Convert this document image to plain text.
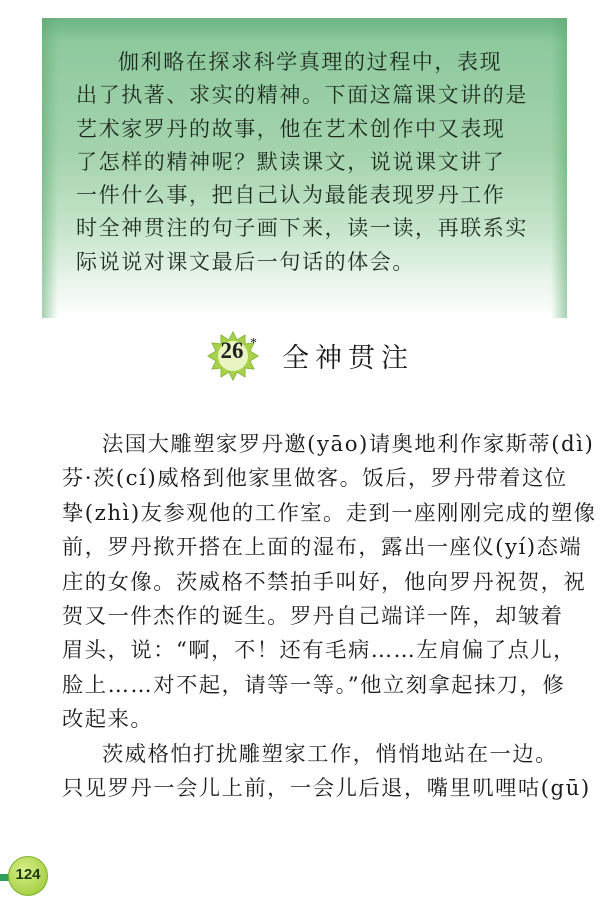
伽利略在探求科学真理的过程中，表现
出了执著、求实的精神。下面这篇课文讲的是
艺术家罗丹的故事，他在艺术创作中又表现
了怎样的精神呢？默读课文，说说课文讲了
一件什么事，把自己认为最能表现罗丹工作
时全神贯注的句子画下来，读一读，再联系实
际说说对课文最后一句话的体会。
26 * 全神贯注
法国大雕塑家罗丹邀(yāo)请奥地利作家斯蒂(dì)
芬·茨(cí)威格到他家里做客。饭后，罗丹带着这位
挚(zhì)友参观他的工作室。走到一座刚刚完成的塑像
前，罗丹揿开搭在上面的湿布，露出一座仪(yí)态端
庄的女像。茨威格不禁拍手叫好，他向罗丹祝贺，祝
贺又一件杰作的诞生。罗丹自己端详一阵，却皱着
眉头，说：“啊，不！还有毛病……左肩偏了点儿，
脸上……对不起，请等一等。”他立刻拿起抹刀，修
改起来。
茨威格怕打扰雕塑家工作，悄悄地站在一边。
只见罗丹一会儿上前，一会儿后退，嘴里叽哩咕(gū)
124
